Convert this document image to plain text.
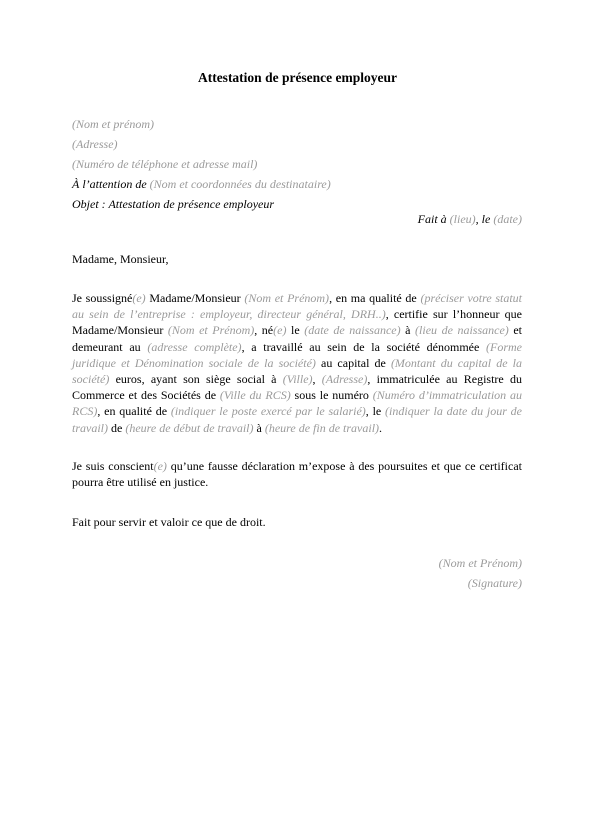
Attestation de présence employeur
(Nom et prénom)
(Adresse)
(Numéro de téléphone et adresse mail)
À l’attention de (Nom et coordonnées du destinataire)
Objet : Attestation de présence employeur
Fait à (lieu), le (date)
Madame, Monsieur,
Je soussigné(e) Madame/Monsieur (Nom et Prénom), en ma qualité de (préciser votre statut au sein de l’entreprise : employeur, directeur général, DRH..), certifie sur l’honneur que Madame/Monsieur (Nom et Prénom), né(e) le (date de naissance) à (lieu de naissance) et demeurant au (adresse complète), a travaillé au sein de la société dénommée (Forme juridique et Dénomination sociale de la société) au capital de (Montant du capital de la société) euros, ayant son siège social à (Ville), (Adresse), immatriculée au Registre du Commerce et des Sociétés de (Ville du RCS) sous le numéro (Numéro d’immatriculation au RCS), en qualité de (indiquer le poste exercé par le salarié), le (indiquer la date du jour de travail) de (heure de début de travail) à (heure de fin de travail).
Je suis conscient(e) qu’une fausse déclaration m’expose à des poursuites et que ce certificat pourra être utilisé en justice.
Fait pour servir et valoir ce que de droit.
(Nom et Prénom)
(Signature)
